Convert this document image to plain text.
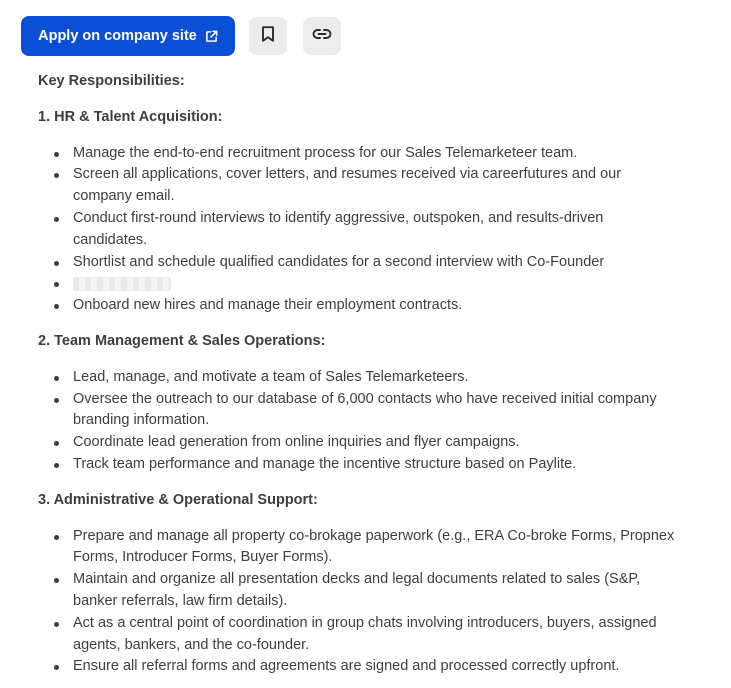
Apply on company site

Key Responsibilities:

1. HR & Talent Acquisition:

Manage the end-to-end recruitment process for our Sales Telemarketeer team.
Screen all applications, cover letters, and resumes received via careerfutures and our company email.
Conduct first-round interviews to identify aggressive, outspoken, and results-driven candidates.
Shortlist and schedule qualified candidates for a second interview with Co-Founder
Onboard new hires and manage their employment contracts.

2. Team Management & Sales Operations:

Lead, manage, and motivate a team of Sales Telemarketeers.
Oversee the outreach to our database of 6,000 contacts who have received initial company branding information.
Coordinate lead generation from online inquiries and flyer campaigns.
Track team performance and manage the incentive structure based on Paylite.

3. Administrative & Operational Support:

Prepare and manage all property co-brokage paperwork (e.g., ERA Co-broke Forms, Propnex Forms, Introducer Forms, Buyer Forms).
Maintain and organize all presentation decks and legal documents related to sales (S&P, banker referrals, law firm details).
Act as a central point of coordination in group chats involving introducers, buyers, assigned agents, bankers, and the co-founder.
Ensure all referral forms and agreements are signed and processed correctly upfront.
